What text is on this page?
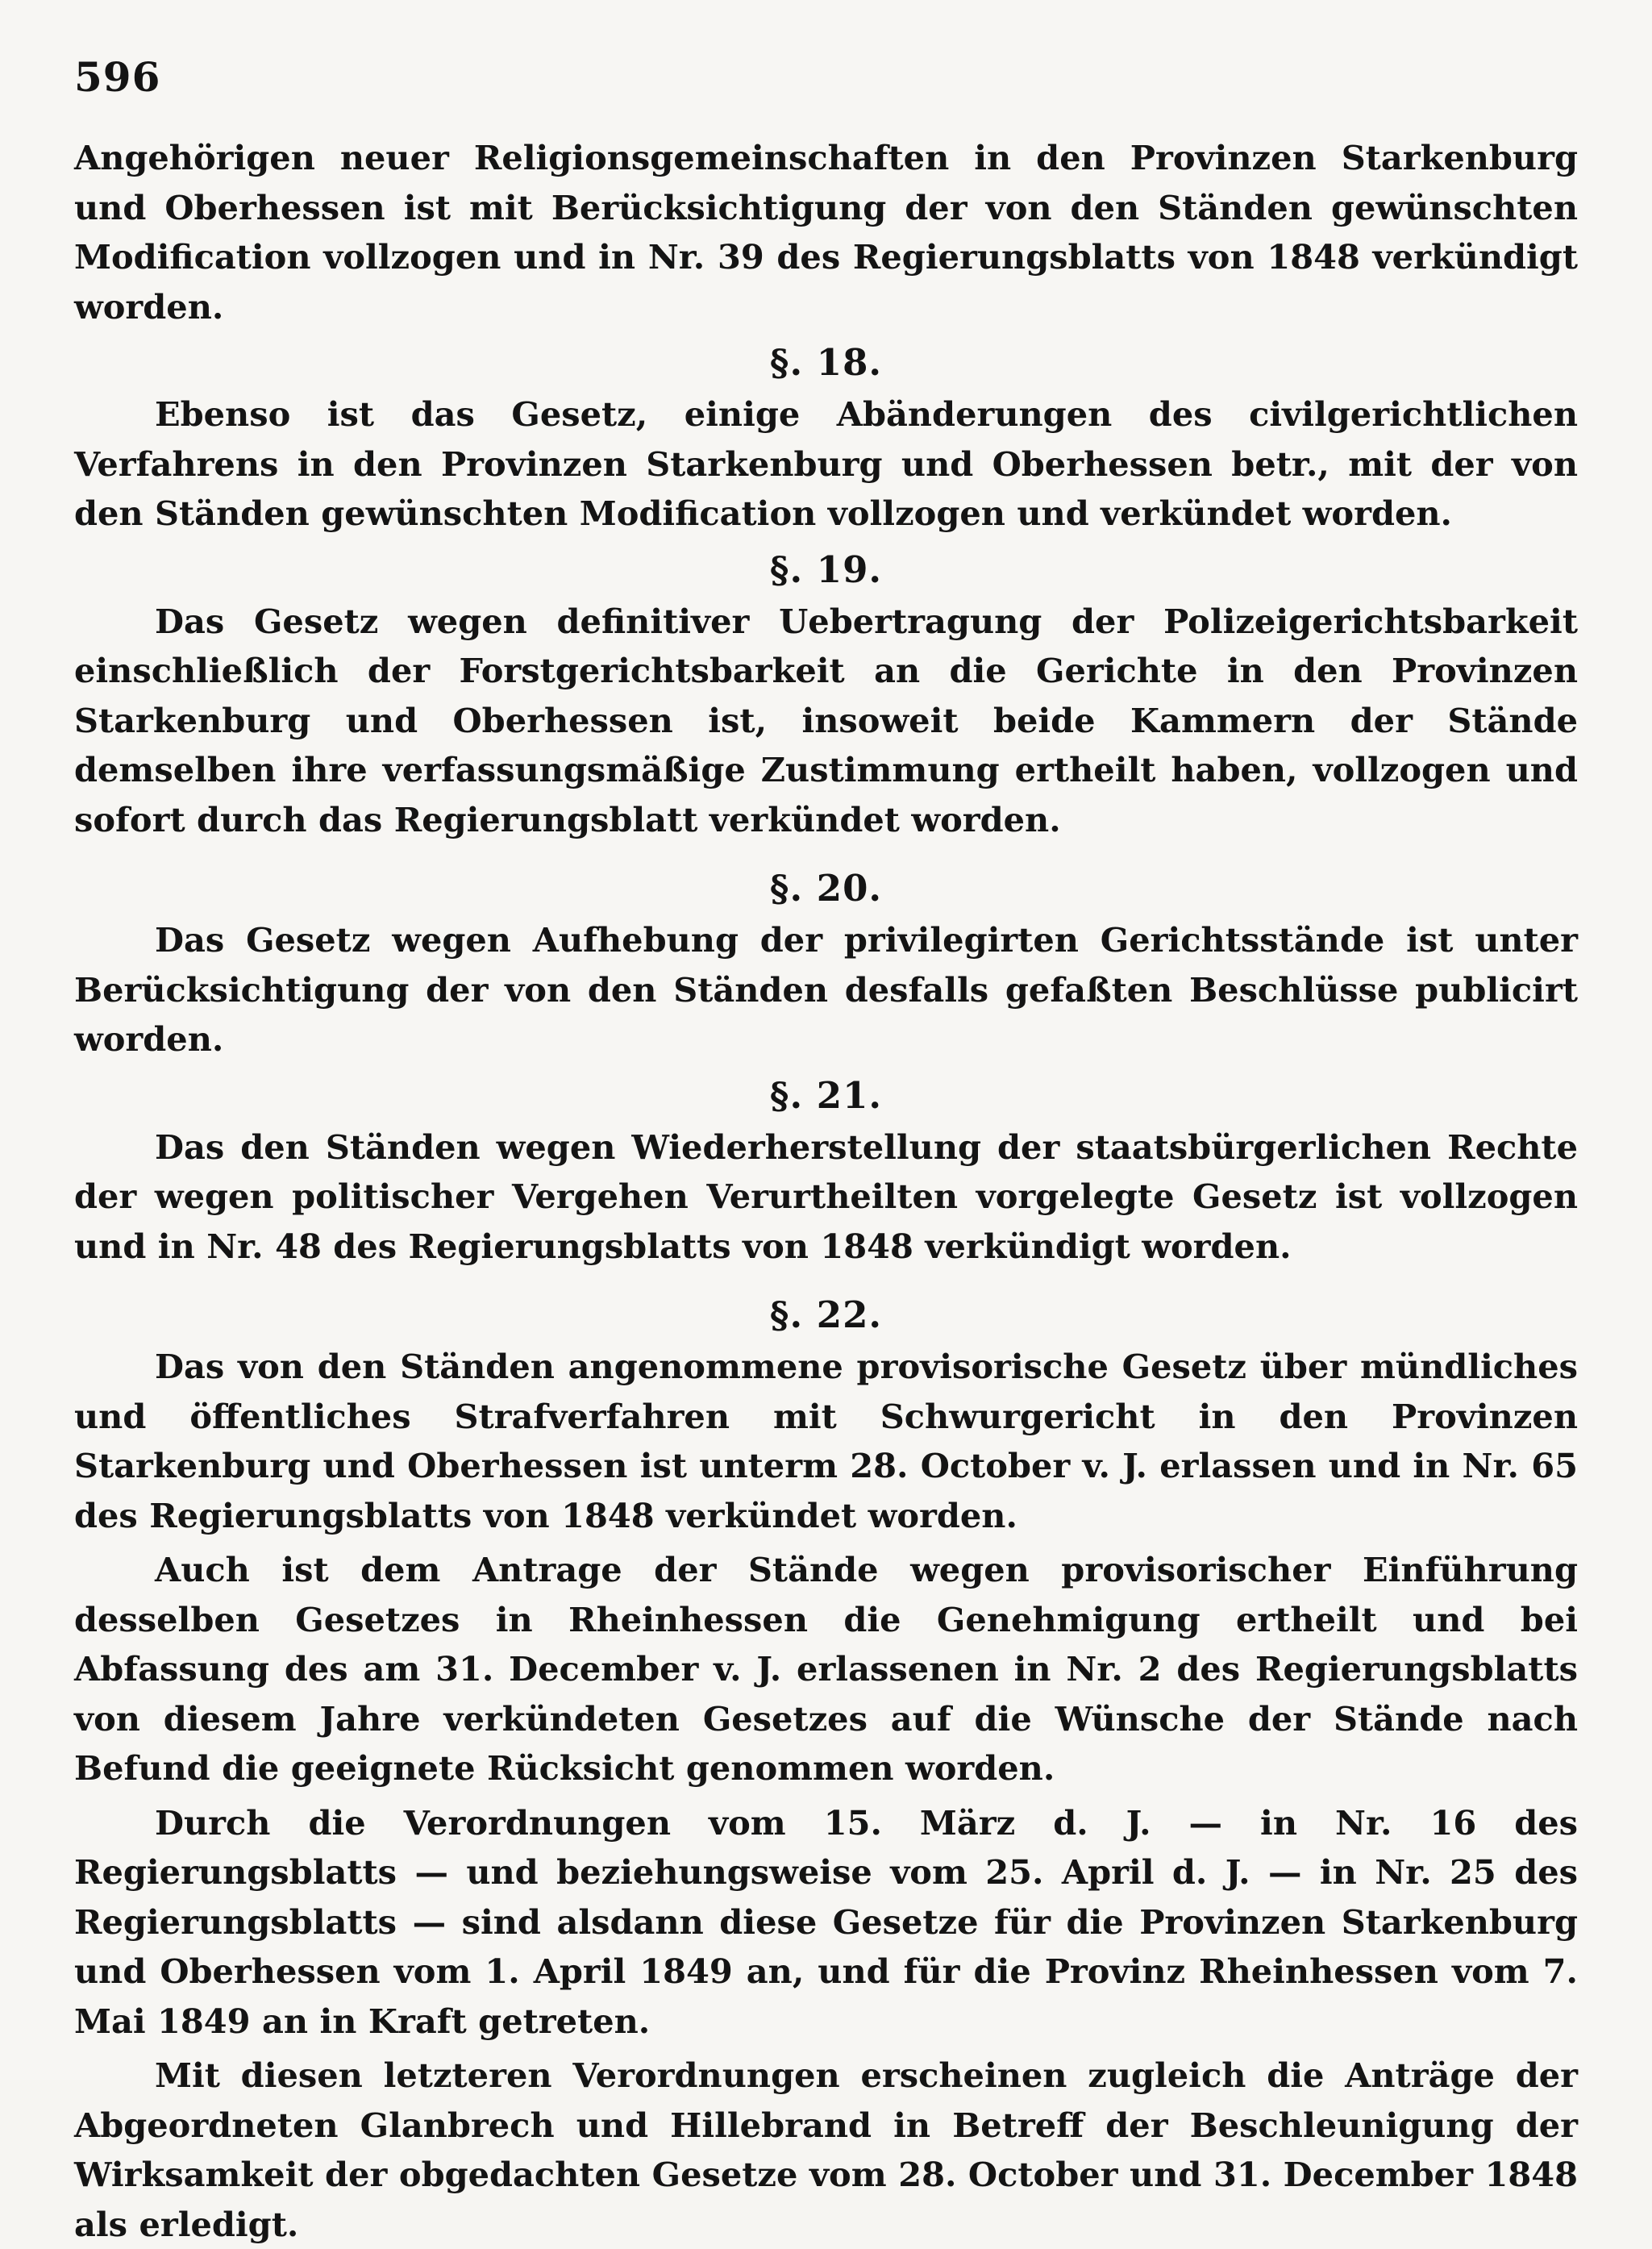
596

Angehörigen neuer Religionsgemeinschaften in den Provinzen Starkenburg und Oberhessen ist mit Berücksichtigung der von den Ständen gewünschten Modification vollzogen und in Nr. 39 des Regierungsblatts von 1848 verkündigt worden.

§. 18.

Ebenso ist das Gesetz, einige Abänderungen des civilgerichtlichen Verfahrens in den Provinzen Starkenburg und Oberhessen betr., mit der von den Ständen gewünschten Modification vollzogen und verkündet worden.

§. 19.

Das Gesetz wegen definitiver Uebertragung der Polizeigerichtsbarkeit einschließlich der Forstgerichtsbarkeit an die Gerichte in den Provinzen Starkenburg und Oberhessen ist, insoweit beide Kammern der Stände demselben ihre verfassungsmäßige Zustimmung ertheilt haben, vollzogen und sofort durch das Regierungsblatt verkündet worden.

§. 20.

Das Gesetz wegen Aufhebung der privilegirten Gerichtsstände ist unter Berücksichtigung der von den Ständen desfalls gefaßten Beschlüsse publicirt worden.

§. 21.

Das den Ständen wegen Wiederherstellung der staatsbürgerlichen Rechte der wegen politischer Vergehen Verurtheilten vorgelegte Gesetz ist vollzogen und in Nr. 48 des Regierungsblatts von 1848 verkündigt worden.

§. 22.

Das von den Ständen angenommene provisorische Gesetz über mündliches und öffentliches Strafverfahren mit Schwurgericht in den Provinzen Starkenburg und Oberhessen ist unterm 28. October v. J. erlassen und in Nr. 65 des Regierungsblatts von 1848 verkündet worden.

Auch ist dem Antrage der Stände wegen provisorischer Einführung desselben Gesetzes in Rheinhessen die Genehmigung ertheilt und bei Abfassung des am 31. December v. J. erlassenen in Nr. 2 des Regierungsblatts von diesem Jahre verkündeten Gesetzes auf die Wünsche der Stände nach Befund die geeignete Rücksicht genommen worden.

Durch die Verordnungen vom 15. März d. J. — in Nr. 16 des Regierungsblatts — und beziehungsweise vom 25. April d. J. — in Nr. 25 des Regierungsblatts — sind alsdann diese Gesetze für die Provinzen Starkenburg und Oberhessen vom 1. April 1849 an, und für die Provinz Rheinhessen vom 7. Mai 1849 an in Kraft getreten.

Mit diesen letzteren Verordnungen erscheinen zugleich die Anträge der Abgeordneten Glanbrech und Hillebrand in Betreff der Beschleunigung der Wirksamkeit der obgedachten Gesetze vom 28. October und 31. December 1848 als erledigt.
